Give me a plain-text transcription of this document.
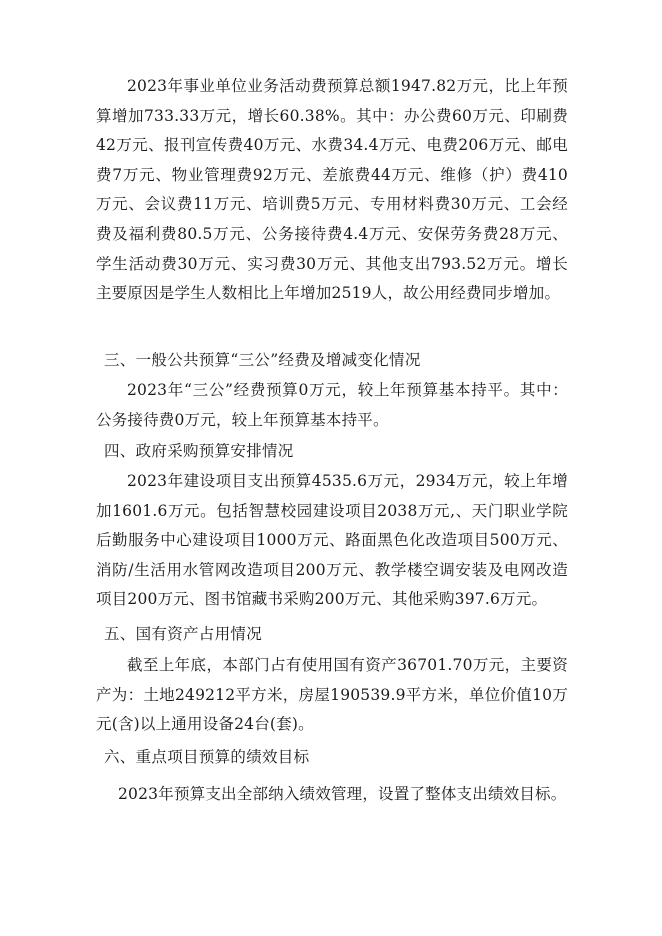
2023年事业单位业务活动费预算总额1947.82万元，比上年预算增加733.33万元，增长60.38%。其中：办公费60万元、印刷费42万元、报刊宣传费40万元、水费34.4万元、电费206万元、邮电费7万元、物业管理费92万元、差旅费44万元、维修（护）费410万元、会议费11万元、培训费5万元、专用材料费30万元、工会经费及福利费80.5万元、公务接待费4.4万元、安保劳务费28万元、学生活动费30万元、实习费30万元、其他支出793.52万元。增长主要原因是学生人数相比上年增加2519人，故公用经费同步增加。
三、一般公共预算“三公”经费及增减变化情况
2023年“三公”经费预算0万元，较上年预算基本持平。其中：公务接待费0万元，较上年预算基本持平。
四、政府采购预算安排情况
2023年建设项目支出预算4535.6万元，2934万元，较上年增加1601.6万元。包括智慧校园建设项目2038万元,、天门职业学院后勤服务中心建设项目1000万元、路面黑色化改造项目500万元、消防/生活用水管网改造项目200万元、教学楼空调安装及电网改造项目200万元、图书馆藏书采购200万元、其他采购397.6万元。
五、国有资产占用情况
截至上年底，本部门占有使用国有资产36701.70万元，主要资产为：土地249212平方米，房屋190539.9平方米，单位价值10万元(含)以上通用设备24台(套)。
六、重点项目预算的绩效目标
2023年预算支出全部纳入绩效管理，设置了整体支出绩效目标。
